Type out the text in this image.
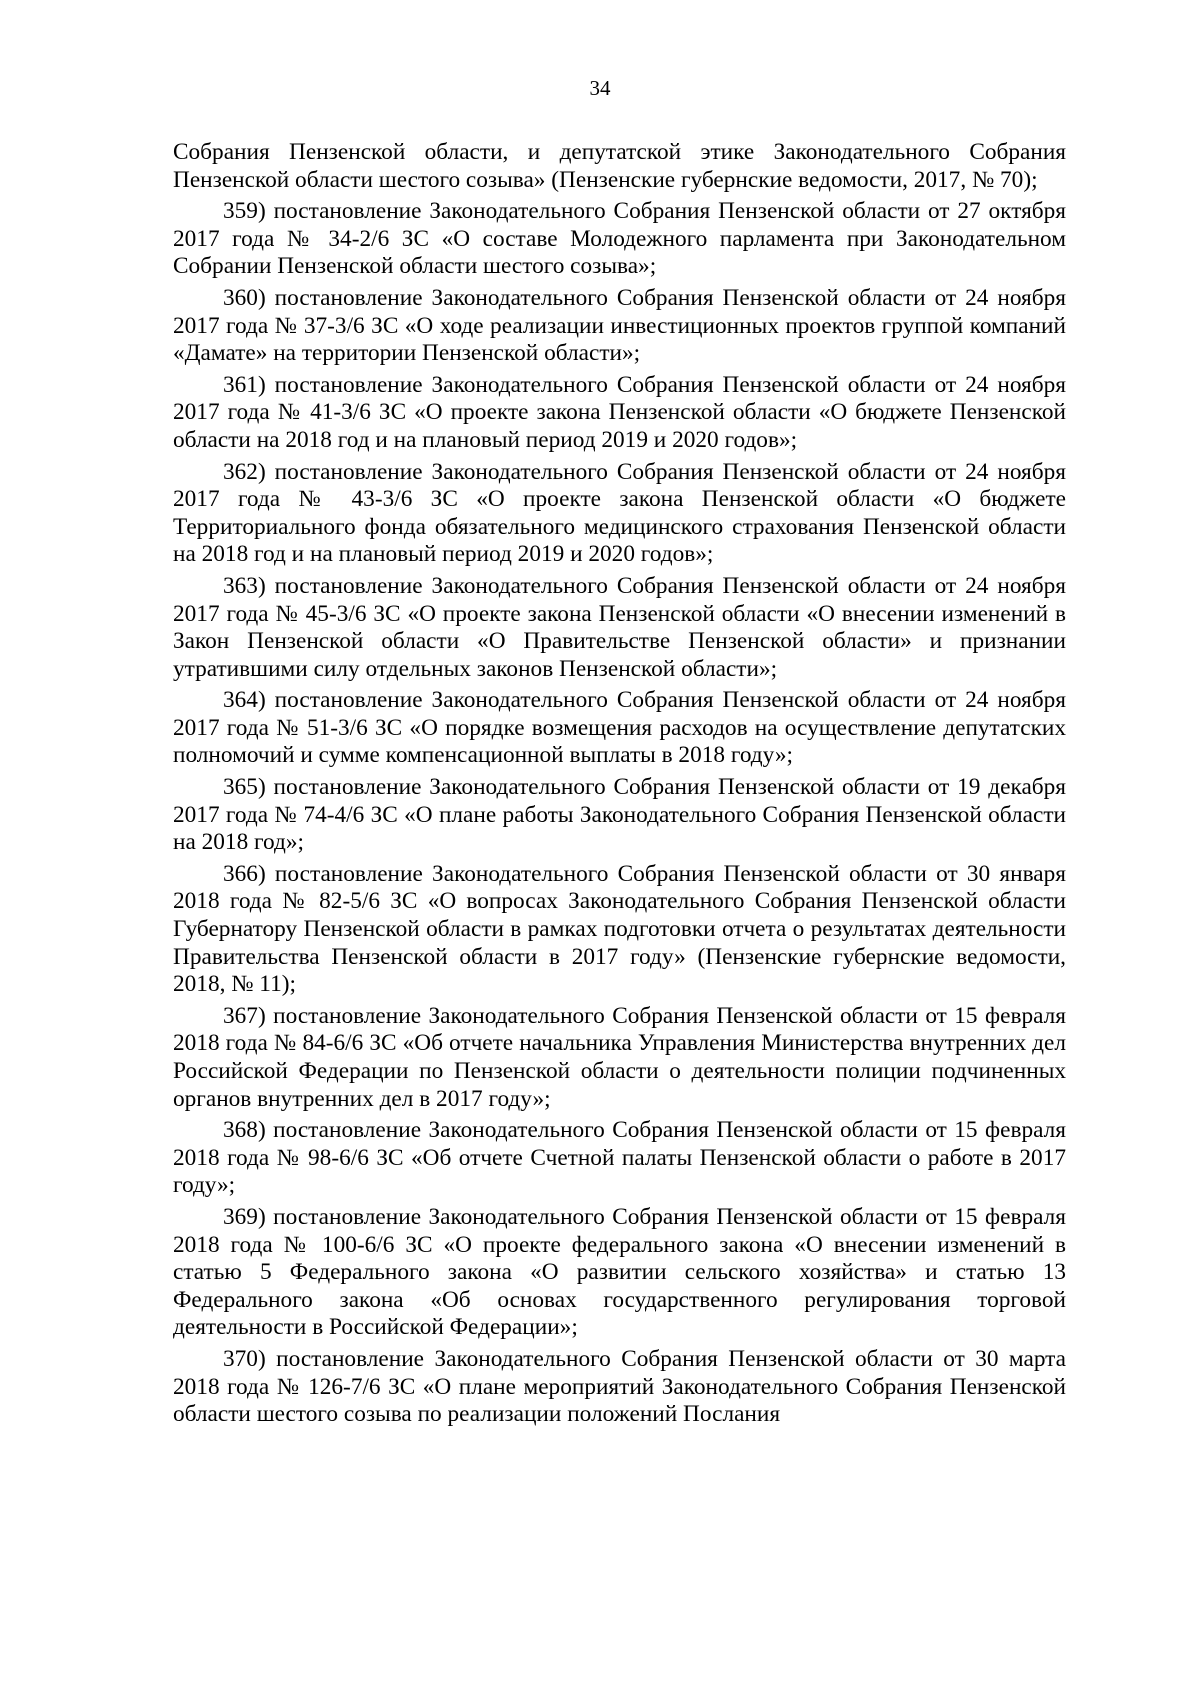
34

Собрания Пензенской области, и депутатской этике Законодательного Собрания Пензенской области шестого созыва» (Пензенские губернские ведомости, 2017, № 70);

359) постановление Законодательного Собрания Пензенской области от 27 октября 2017 года № 34-2/6 ЗС «О составе Молодежного парламента при Законодательном Собрании Пензенской области шестого созыва»;

360) постановление Законодательного Собрания Пензенской области от 24 ноября 2017 года № 37-3/6 ЗС «О ходе реализации инвестиционных проектов группой компаний «Дамате» на территории Пензенской области»;

361) постановление Законодательного Собрания Пензенской области от 24 ноября 2017 года № 41-3/6 ЗС «О проекте закона Пензенской области «О бюджете Пензенской области на 2018 год и на плановый период 2019 и 2020 годов»;

362) постановление Законодательного Собрания Пензенской области от 24 ноября 2017 года № 43-3/6 ЗС «О проекте закона Пензенской области «О бюджете Территориального фонда обязательного медицинского страхования Пензенской области на 2018 год и на плановый период 2019 и 2020 годов»;

363) постановление Законодательного Собрания Пензенской области от 24 ноября 2017 года № 45-3/6 ЗС «О проекте закона Пензенской области «О внесении изменений в Закон Пензенской области «О Правительстве Пензенской области» и признании утратившими силу отдельных законов Пензенской области»;

364) постановление Законодательного Собрания Пензенской области от 24 ноября 2017 года № 51-3/6 ЗС «О порядке возмещения расходов на осуществление депутатских полномочий и сумме компенсационной выплаты в 2018 году»;

365) постановление Законодательного Собрания Пензенской области от 19 декабря 2017 года № 74-4/6 ЗС «О плане работы Законодательного Собрания Пензенской области на 2018 год»;

366) постановление Законодательного Собрания Пензенской области от 30 января 2018 года № 82-5/6 ЗС «О вопросах Законодательного Собрания Пензенской области Губернатору Пензенской области в рамках подготовки отчета о результатах деятельности Правительства Пензенской области в 2017 году» (Пензенские губернские ведомости, 2018, № 11);

367) постановление Законодательного Собрания Пензенской области от 15 февраля 2018 года № 84-6/6 ЗС «Об отчете начальника Управления Министерства внутренних дел Российской Федерации по Пензенской области о деятельности полиции подчиненных органов внутренних дел в 2017 году»;

368) постановление Законодательного Собрания Пензенской области от 15 февраля 2018 года № 98-6/6 ЗС «Об отчете Счетной палаты Пензенской области о работе в 2017 году»;

369) постановление Законодательного Собрания Пензенской области от 15 февраля 2018 года № 100-6/6 ЗС «О проекте федерального закона «О внесении изменений в статью 5 Федерального закона «О развитии сельского хозяйства» и статью 13 Федерального закона «Об основах государственного регулирования торговой деятельности в Российской Федерации»;

370) постановление Законодательного Собрания Пензенской области от 30 марта 2018 года № 126-7/6 ЗС «О плане мероприятий Законодательного Собрания Пензенской области шестого созыва по реализации положений Послания
